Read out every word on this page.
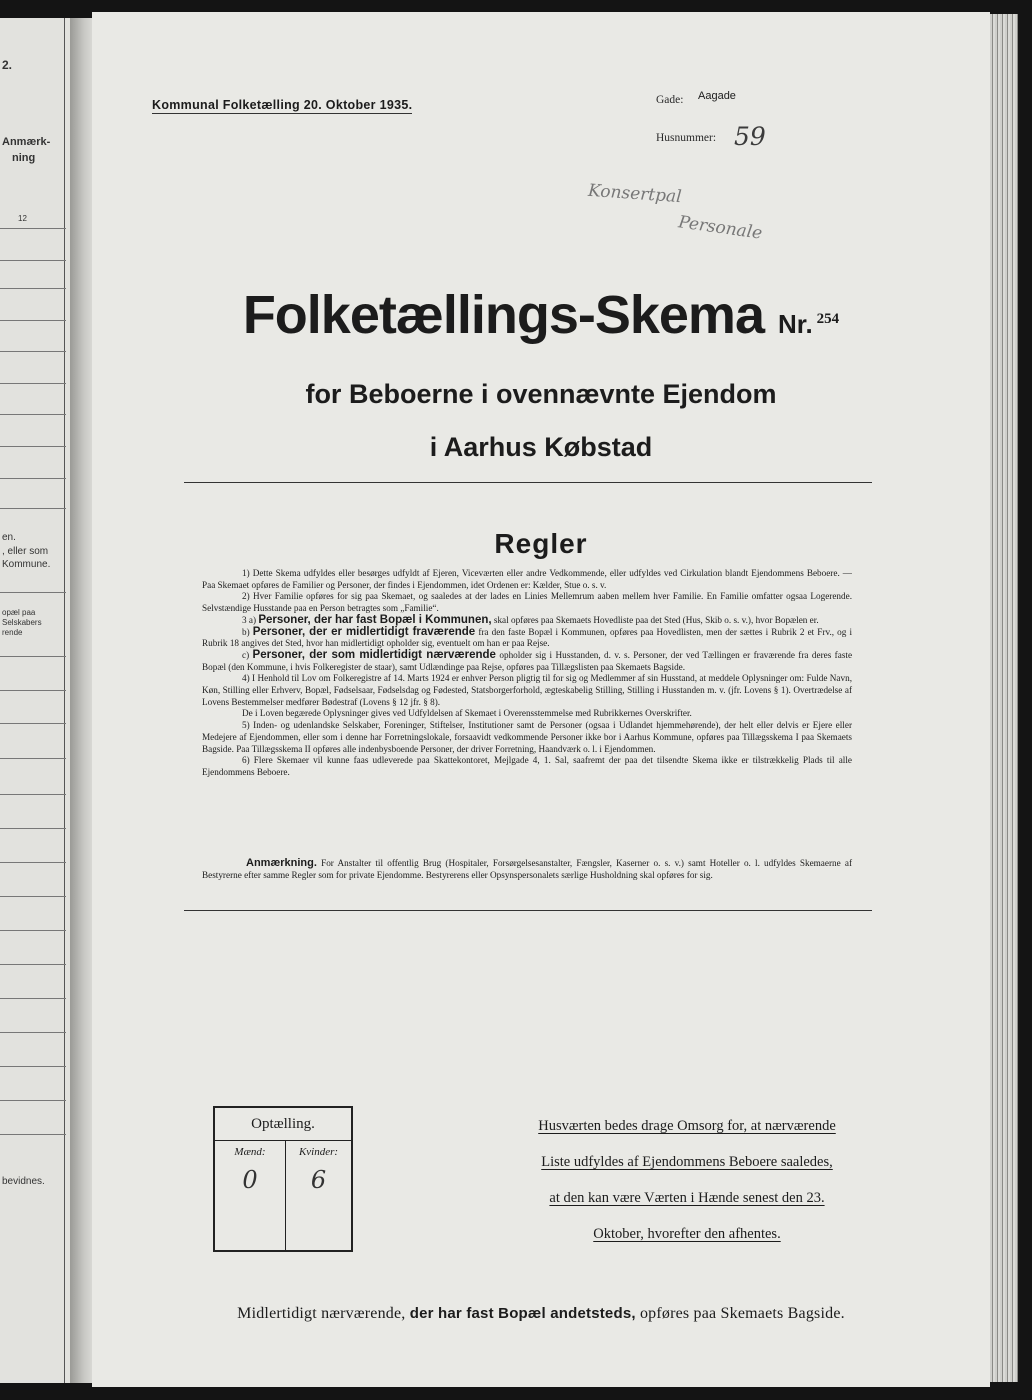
2.
Anmærk-
ning
12
en.
, eller som
Kommune.
opæl paa
Selskabers
rende
bevidnes.
Kommunal Folketælling 20. Oktober 1935.	Gade: Aagade
Husnummer: 59
Konsertpal
Personale
Folketællings-Skema Nr. 254
for Beboerne i ovennævnte Ejendom
i Aarhus Købstad
Regler

1) Dette Skema udfyldes eller besørges udfyldt af Ejeren, Viceværten eller andre Vedkommende, eller udfyldes ved Cirkulation blandt Ejendommens Beboere. — Paa Skemaet opføres de Familier og Personer, der findes i Ejendommen, idet Ordenen er: Kælder, Stue o. s. v.

2) Hver Familie opføres for sig paa Skemaet, og saaledes at der lades en Linies Mellemrum aaben mellem hver Familie. En Familie omfatter ogsaa Logerende. Selvstændige Husstande paa en Person betragtes som „Familie“.

3 a) Personer, der har fast Bopæl i Kommunen, skal opføres paa Skemaets Hovedliste paa det Sted (Hus, Skib o. s. v.), hvor Bopælen er.

b) Personer, der er midlertidigt fraværende fra den faste Bopæl i Kommunen, opføres paa Hovedlisten, men der sættes i Rubrik 2 et Frv., og i Rubrik 18 angives det Sted, hvor han midlertidigt opholder sig, eventuelt om han er paa Rejse.

c) Personer, der som midlertidigt nærværende opholder sig i Husstanden, d. v. s. Personer, der ved Tællingen er fraværende fra deres faste Bopæl (den Kommune, i hvis Folkeregister de staar), samt Udlændinge paa Rejse, opføres paa Tillægslisten paa Skemaets Bagside.

4) I Henhold til Lov om Folkeregistre af 14. Marts 1924 er enhver Person pligtig til for sig og Medlemmer af sin Husstand, at meddele Oplysninger om: Fulde Navn, Køn, Stilling eller Erhverv, Bopæl, Fødselsaar, Fødselsdag og Fødested, Statsborgerforhold, ægteskabelig Stilling, Stilling i Husstanden m. v. (jfr. Lovens § 1). Overtrædelse af Lovens Bestemmelser medfører Bødestraf (Lovens § 12 jfr. § 8).

De i Loven begærede Oplysninger gives ved Udfyldelsen af Skemaet i Overensstemmelse med Rubrikkernes Overskrifter.

5) Inden- og udenlandske Selskaber, Foreninger, Stiftelser, Institutioner samt de Personer (ogsaa i Udlandet hjemmehørende), der helt eller delvis er Ejere eller Medejere af Ejendommen, eller som i denne har Forretningslokale, forsaavidt vedkommende Personer ikke bor i Aarhus Kommune, opføres paa Tillægsskema I paa Skemaets Bagside. Paa Tillægsskema II opføres alle indenbysboende Personer, der driver Forretning, Haandværk o. l. i Ejendommen.

6) Flere Skemaer vil kunne faas udleverede paa Skattekontoret, Mejlgade 4, 1. Sal, saafremt der paa det tilsendte Skema ikke er tilstrækkelig Plads til alle Ejendommens Beboere.

Anmærkning. For Anstalter til offentlig Brug (Hospitaler, Forsørgelsesanstalter, Fængsler, Kaserner o. s. v.) samt Hoteller o. l. udfyldes Skemaerne af Bestyrerne efter samme Regler som for private Ejendomme. Bestyrerens eller Opsynspersonalets særlige Husholdning skal opføres for sig.

Optælling.
Mænd:
0
Kvinder:
6
Husværten bedes drage Omsorg for, at nærværende
Liste udfyldes af Ejendommens Beboere saaledes,
at den kan være Værten i Hænde senest den 23.
Oktober, hvorefter den afhentes.
Midlertidigt nærværende, der har fast Bopæl andetsteds, opføres paa Skemaets Bagside.
